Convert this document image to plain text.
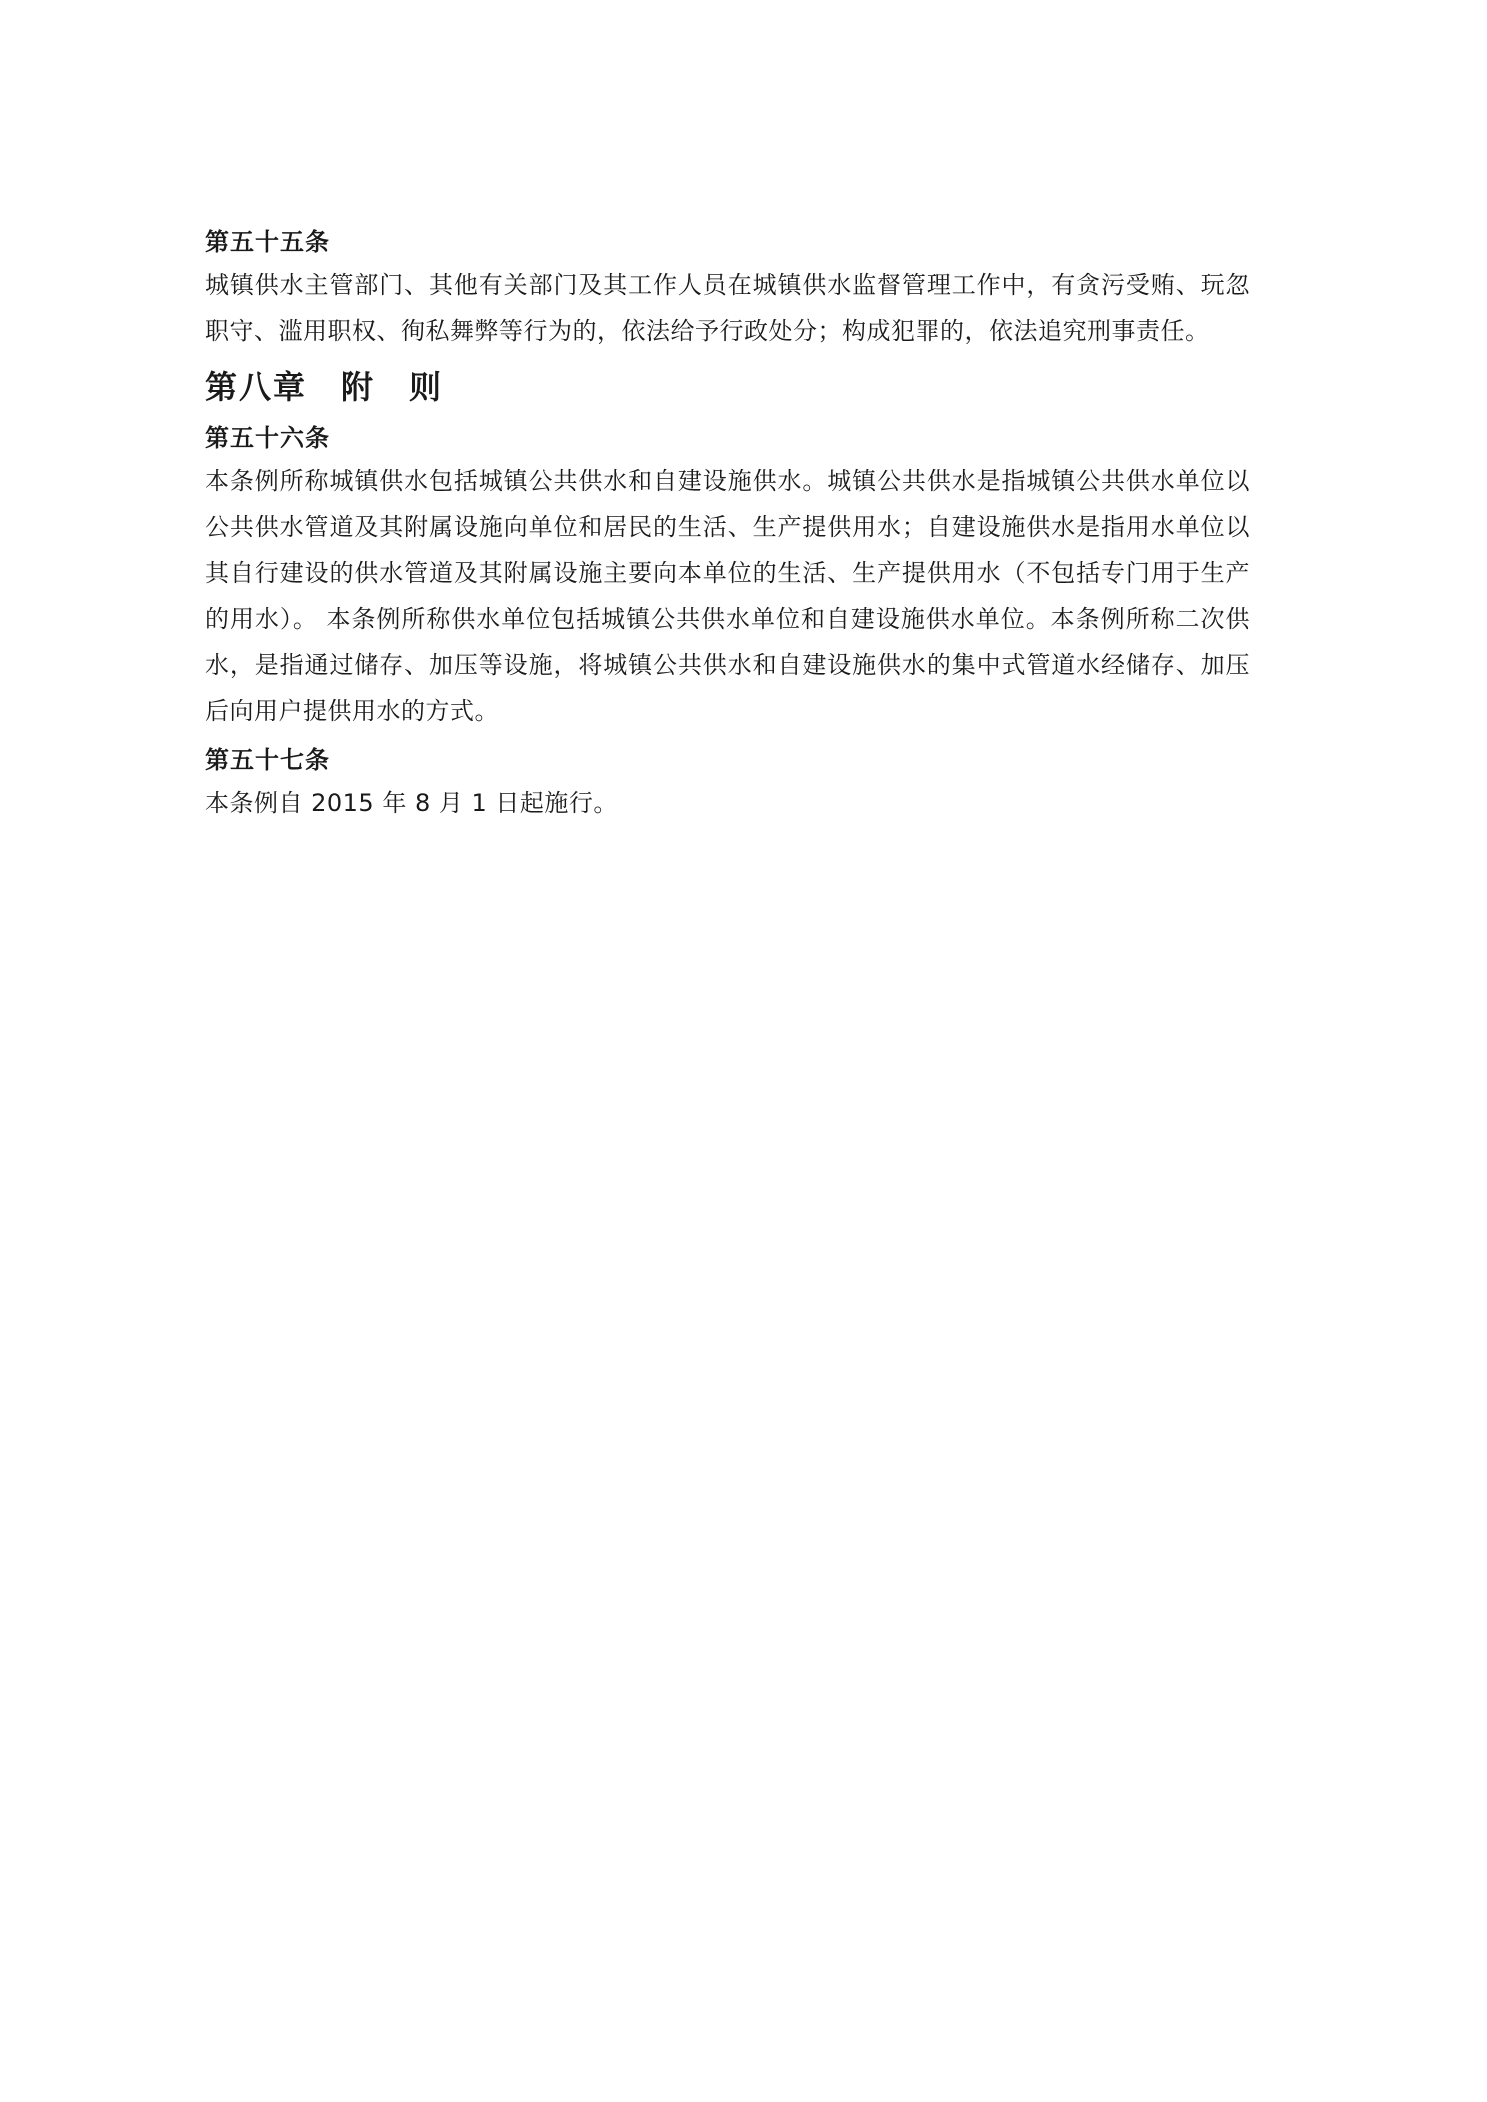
第五十五条

城镇供水主管部门、其他有关部门及其工作人员在城镇供水监督管理工作中，有贪污受贿、玩忽职守、滥用职权、徇私舞弊等行为的，依法给予行政处分；构成犯罪的，依法追究刑事责任。

第八章　附　则

第五十六条

本条例所称城镇供水包括城镇公共供水和自建设施供水。城镇公共供水是指城镇公共供水单位以公共供水管道及其附属设施向单位和居民的生活、生产提供用水；自建设施供水是指用水单位以其自行建设的供水管道及其附属设施主要向本单位的生活、生产提供用水（不包括专门用于生产的用水）。 本条例所称供水单位包括城镇公共供水单位和自建设施供水单位。本条例所称二次供水，是指通过储存、加压等设施，将城镇公共供水和自建设施供水的集中式管道水经储存、加压后向用户提供用水的方式。

第五十七条

本条例自 2015 年 8 月 1 日起施行。
